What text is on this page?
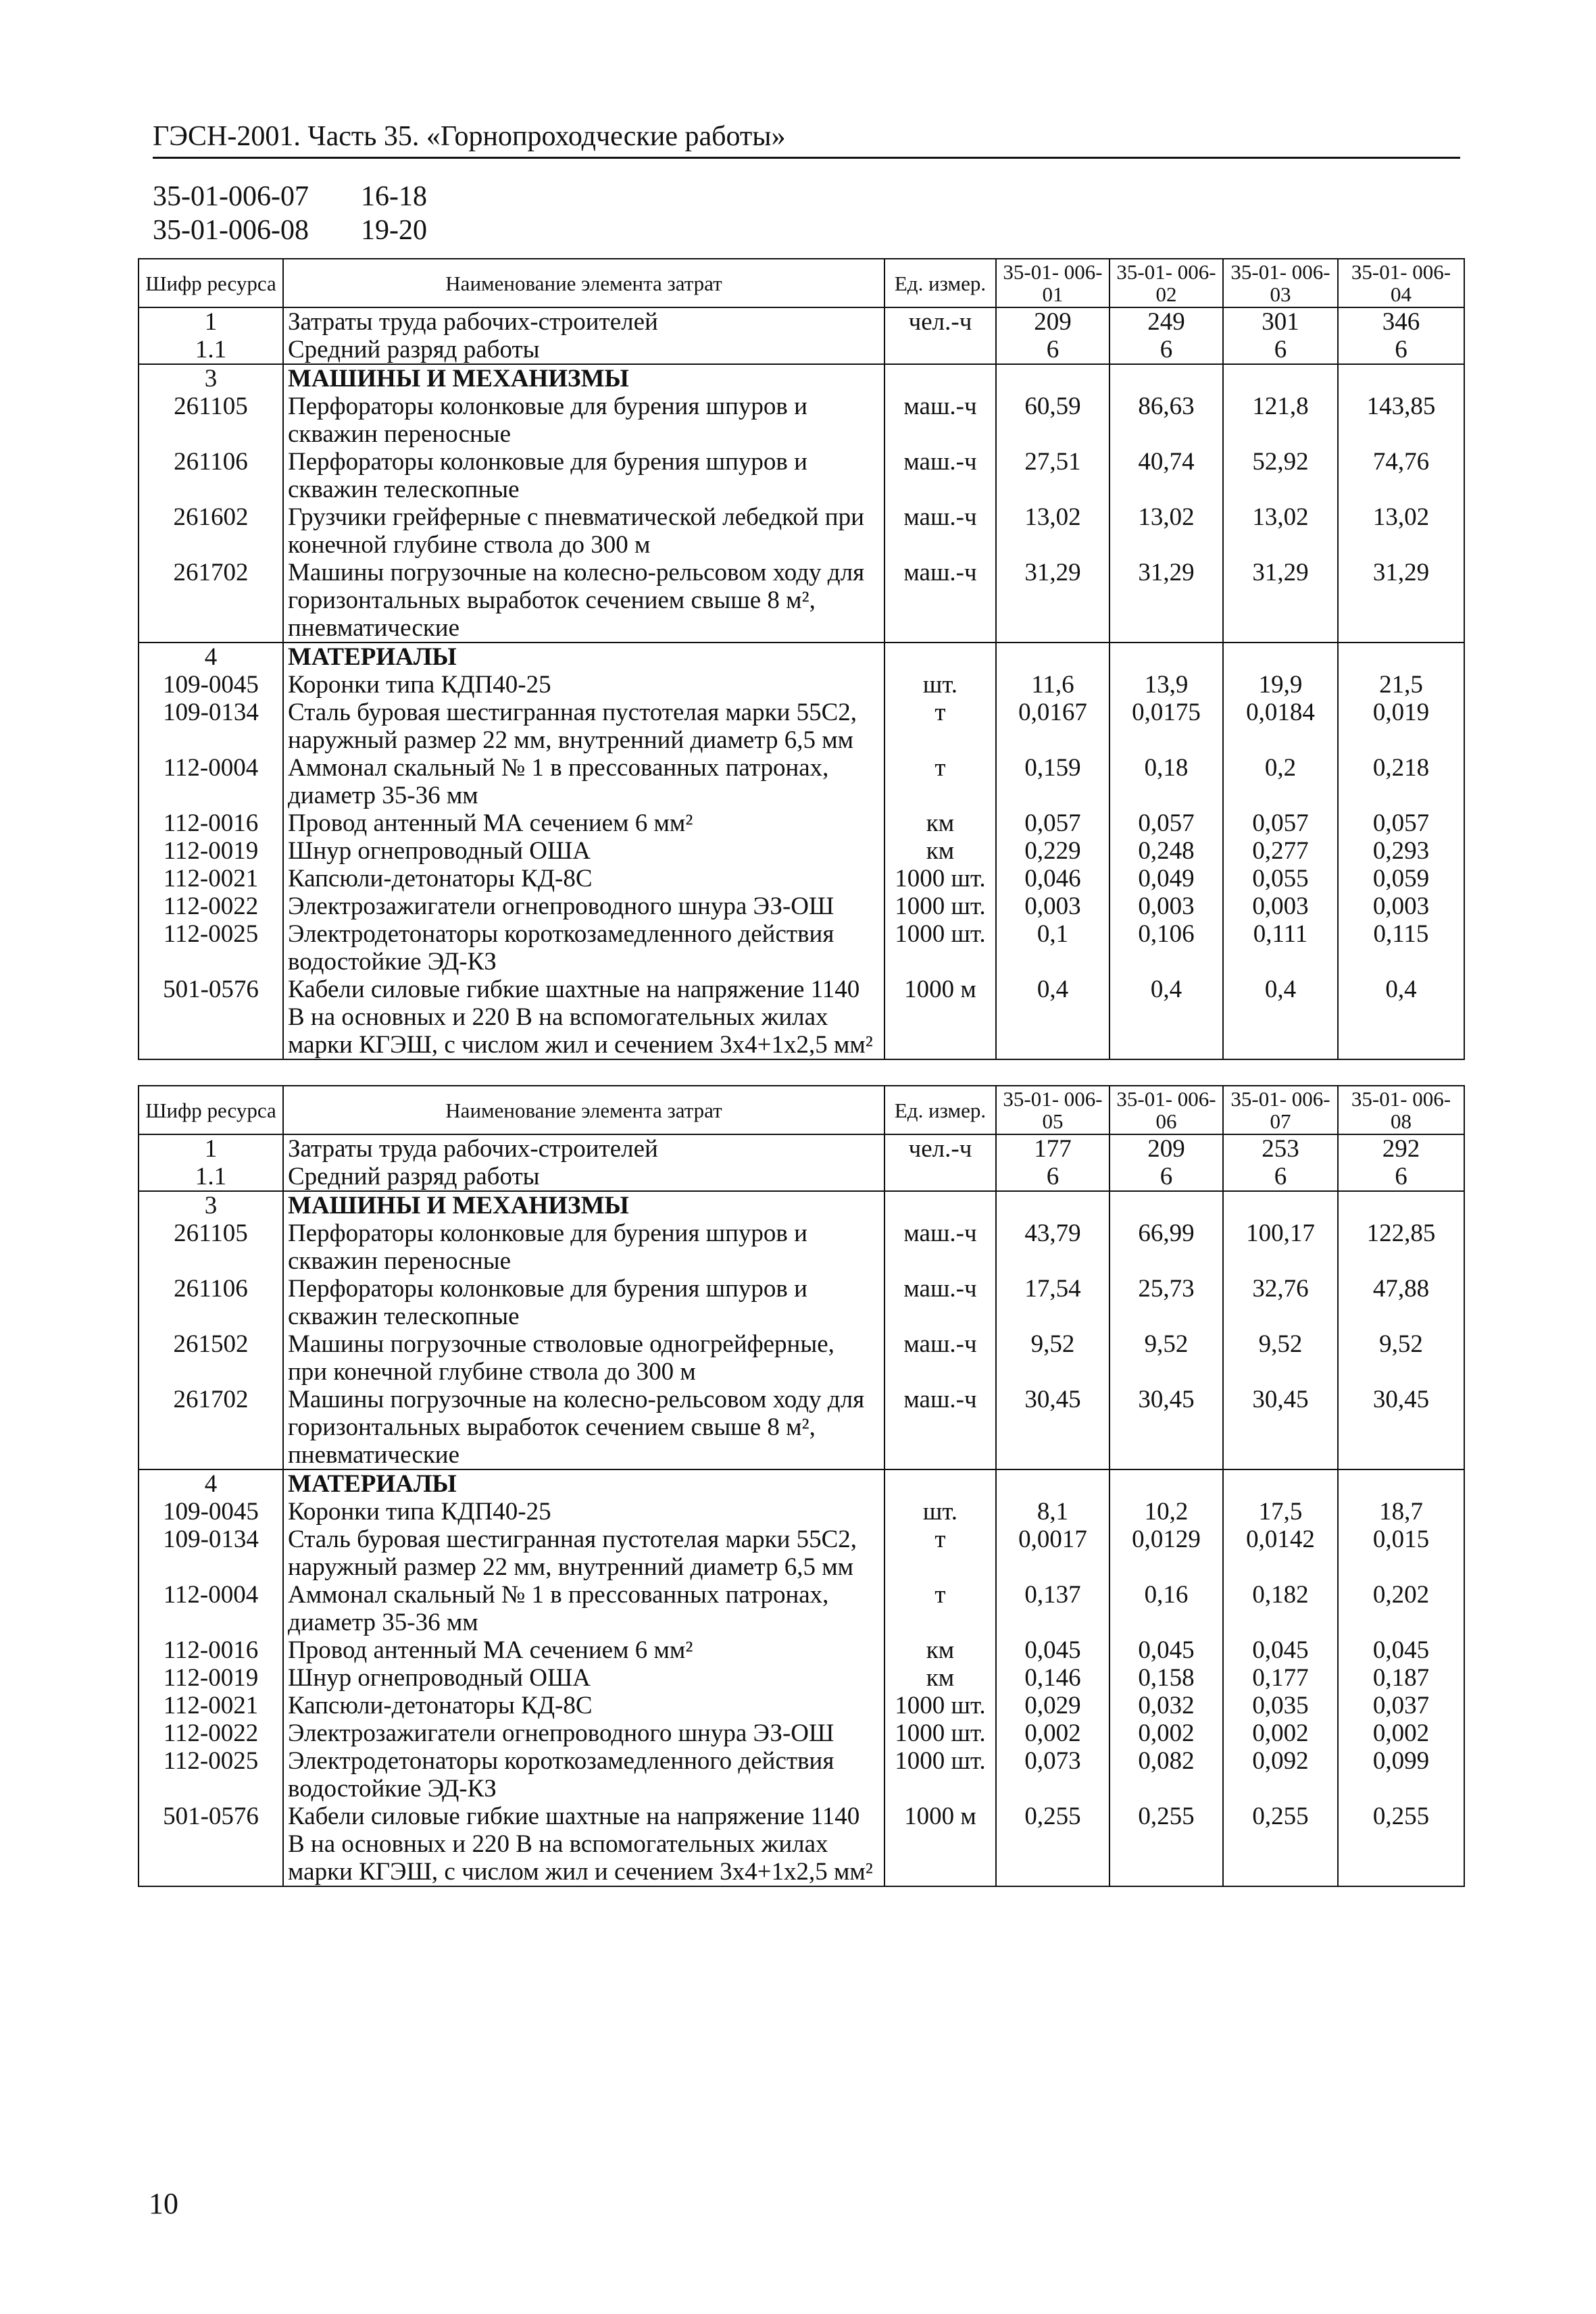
ГЭСН-2001. Часть 35. «Горнопроходческие работы»
35-01-006-07	16-18
35-01-006-08	19-20
Шифр ресурса	Наименование элемента затрат	Ед. измер.	35-01- 006-01	35-01- 006-02	35-01- 006-03	35-01- 006-04
1	Затраты труда рабочих-строителей	чел.-ч	209	249	301	346
1.1	Средний разряд работы		6	6	6	6
3	МАШИНЫ И МЕХАНИЗМЫ					
261105	Перфораторы колонковые для бурения шпуров и скважин переносные	маш.-ч	60,59	86,63	121,8	143,85
261106	Перфораторы колонковые для бурения шпуров и скважин телескопные	маш.-ч	27,51	40,74	52,92	74,76
261602	Грузчики грейферные с пневматической лебедкой при конечной глубине ствола до 300 м	маш.-ч	13,02	13,02	13,02	13,02
261702	Машины погрузочные на колесно-рельсовом ходу для горизонтальных выработок сечением свыше 8 м², пневматические	маш.-ч	31,29	31,29	31,29	31,29
4	МАТЕРИАЛЫ					
109-0045	Коронки типа КДП40-25	шт.	11,6	13,9	19,9	21,5
109-0134	Сталь буровая шестигранная пустотелая марки 55С2, наружный размер 22 мм, внутренний диаметр 6,5 мм	т	0,0167	0,0175	0,0184	0,019
112-0004	Аммонал скальный № 1 в прессованных патронах, диаметр 35-36 мм	т	0,159	0,18	0,2	0,218
112-0016	Провод антенный МА сечением 6 мм²	км	0,057	0,057	0,057	0,057
112-0019	Шнур огнепроводный ОША	км	0,229	0,248	0,277	0,293
112-0021	Капсюли-детонаторы КД-8С	1000 шт.	0,046	0,049	0,055	0,059
112-0022	Электрозажигатели огнепроводного шнура ЭЗ-ОШ	1000 шт.	0,003	0,003	0,003	0,003
112-0025	Электродетонаторы короткозамедленного действия водостойкие ЭД-КЗ	1000 шт.	0,1	0,106	0,111	0,115
501-0576	Кабели силовые гибкие шахтные на напряжение 1140 В на основных и 220 В на вспомогательных жилах марки КГЭШ, с числом жил и сечением 3х4+1х2,5 мм²	1000 м	0,4	0,4	0,4	0,4
Шифр ресурса	Наименование элемента затрат	Ед. измер.	35-01- 006-05	35-01- 006-06	35-01- 006-07	35-01- 006-08
1	Затраты труда рабочих-строителей	чел.-ч	177	209	253	292
1.1	Средний разряд работы		6	6	6	6
3	МАШИНЫ И МЕХАНИЗМЫ					
261105	Перфораторы колонковые для бурения шпуров и скважин переносные	маш.-ч	43,79	66,99	100,17	122,85
261106	Перфораторы колонковые для бурения шпуров и скважин телескопные	маш.-ч	17,54	25,73	32,76	47,88
261502	Машины погрузочные стволовые одногрейферные, при конечной глубине ствола до 300 м	маш.-ч	9,52	9,52	9,52	9,52
261702	Машины погрузочные на колесно-рельсовом ходу для горизонтальных выработок сечением свыше 8 м², пневматические	маш.-ч	30,45	30,45	30,45	30,45
4	МАТЕРИАЛЫ					
109-0045	Коронки типа КДП40-25	шт.	8,1	10,2	17,5	18,7
109-0134	Сталь буровая шестигранная пустотелая марки 55С2, наружный размер 22 мм, внутренний диаметр 6,5 мм	т	0,0017	0,0129	0,0142	0,015
112-0004	Аммонал скальный № 1 в прессованных патронах, диаметр 35-36 мм	т	0,137	0,16	0,182	0,202
112-0016	Провод антенный МА сечением 6 мм²	км	0,045	0,045	0,045	0,045
112-0019	Шнур огнепроводный ОША	км	0,146	0,158	0,177	0,187
112-0021	Капсюли-детонаторы КД-8С	1000 шт.	0,029	0,032	0,035	0,037
112-0022	Электрозажигатели огнепроводного шнура ЭЗ-ОШ	1000 шт.	0,002	0,002	0,002	0,002
112-0025	Электродетонаторы короткозамедленного действия водостойкие ЭД-КЗ	1000 шт.	0,073	0,082	0,092	0,099
501-0576	Кабели силовые гибкие шахтные на напряжение 1140 В на основных и 220 В на вспомогательных жилах марки КГЭШ, с числом жил и сечением 3х4+1х2,5 мм²	1000 м	0,255	0,255	0,255	0,255
10
